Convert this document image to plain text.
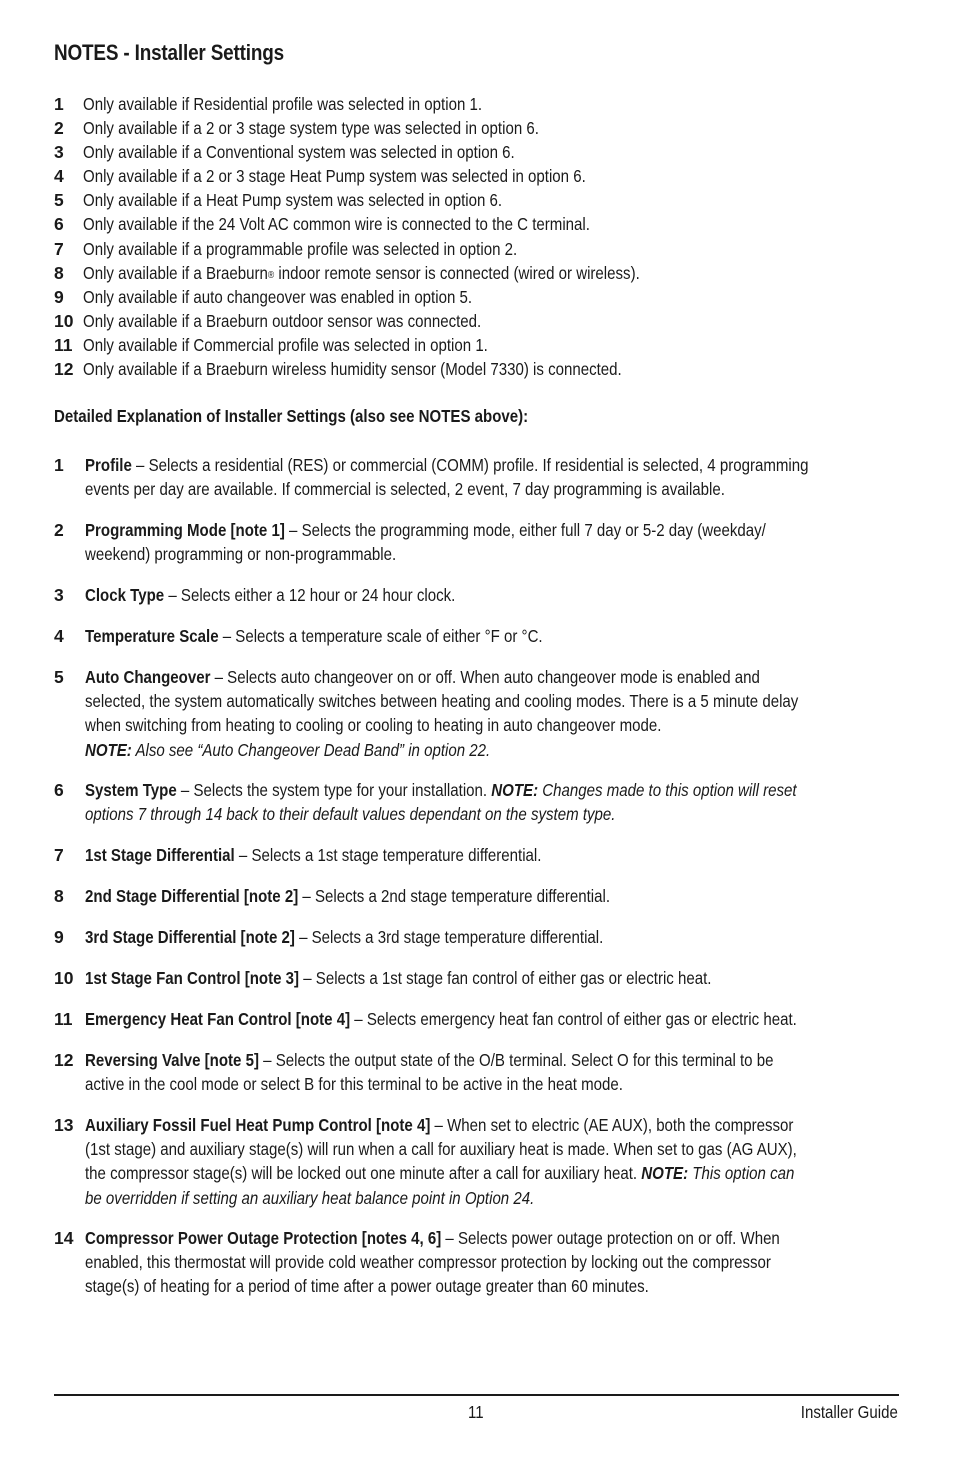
NOTES - Installer Settings
1 Only available if Residential profile was selected in option 1.
2 Only available if a 2 or 3 stage system type was selected in option 6.
3 Only available if a Conventional system was selected in option 6.
4 Only available if a 2 or 3 stage Heat Pump system was selected in option 6.
5 Only available if a Heat Pump system was selected in option 6.
6 Only available if the 24 Volt AC common wire is connected to the C terminal.
7 Only available if a programmable profile was selected in option 2.
8 Only available if a Braeburn® indoor remote sensor is connected (wired or wireless).
9 Only available if auto changeover was enabled in option 5.
10 Only available if a Braeburn outdoor sensor was connected.
11 Only available if Commercial profile was selected in option 1.
12 Only available if a Braeburn wireless humidity sensor (Model 7330) is connected.
Detailed Explanation of Installer Settings (also see NOTES above):
1 Profile – Selects a residential (RES) or commercial (COMM) profile. If residential is selected, 4 programming
events per day are available. If commercial is selected, 2 event, 7 day programming is available.
2 Programming Mode [note 1] – Selects the programming mode, either full 7 day or 5-2 day (weekday/
weekend) programming or non-programmable.
3 Clock Type – Selects either a 12 hour or 24 hour clock.
4 Temperature Scale – Selects a temperature scale of either °F or °C.
5 Auto Changeover – Selects auto changeover on or off. When auto changeover mode is enabled and
selected, the system automatically switches between heating and cooling modes. There is a 5 minute delay
when switching from heating to cooling or cooling to heating in auto changeover mode.
NOTE: Also see “Auto Changeover Dead Band” in option 22.
6 System Type – Selects the system type for your installation. NOTE: Changes made to this option will reset
options 7 through 14 back to their default values dependant on the system type.
7 1st Stage Differential – Selects a 1st stage temperature differential.
8 2nd Stage Differential [note 2] – Selects a 2nd stage temperature differential.
9 3rd Stage Differential [note 2] – Selects a 3rd stage temperature differential.
10 1st Stage Fan Control [note 3] – Selects a 1st stage fan control of either gas or electric heat.
11 Emergency Heat Fan Control [note 4] – Selects emergency heat fan control of either gas or electric heat.
12 Reversing Valve [note 5] – Selects the output state of the O/B terminal. Select O for this terminal to be
active in the cool mode or select B for this terminal to be active in the heat mode.
13 Auxiliary Fossil Fuel Heat Pump Control [note 4] – When set to electric (AE AUX), both the compressor
(1st stage) and auxiliary stage(s) will run when a call for auxiliary heat is made. When set to gas (AG AUX),
the compressor stage(s) will be locked out one minute after a call for auxiliary heat. NOTE: This option can
be overridden if setting an auxiliary heat balance point in Option 24.
14 Compressor Power Outage Protection [notes 4, 6] – Selects power outage protection on or off. When
enabled, this thermostat will provide cold weather compressor protection by locking out the compressor
stage(s) of heating for a period of time after a power outage greater than 60 minutes.
11	Installer Guide
